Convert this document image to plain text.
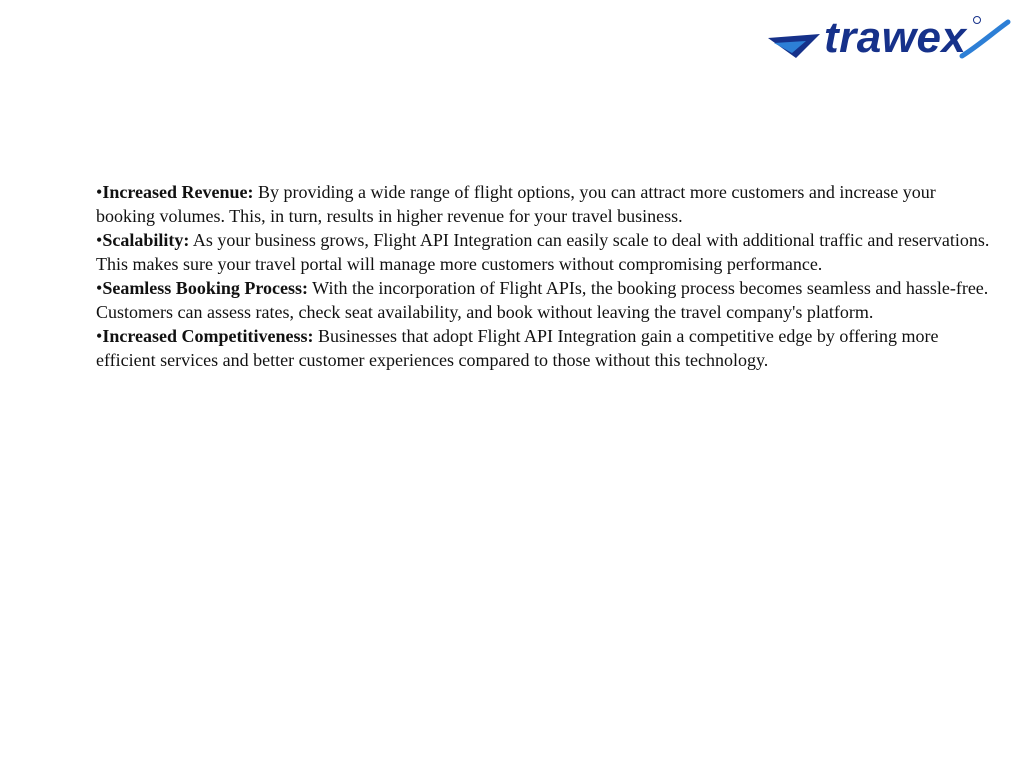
trawex

•Increased Revenue: By providing a wide range of flight options, you can attract more customers and increase your booking volumes. This, in turn, results in higher revenue for your travel business.

•Scalability: As your business grows, Flight API Integration can easily scale to deal with additional traffic and reservations. This makes sure your travel portal will manage more customers without compromising performance.

•Seamless Booking Process: With the incorporation of Flight APIs, the booking process becomes seamless and hassle-free. Customers can assess rates, check seat availability, and book without leaving the travel company's platform.

•Increased Competitiveness: Businesses that adopt Flight API Integration gain a competitive edge by offering more efficient services and better customer experiences compared to those without this technology.
